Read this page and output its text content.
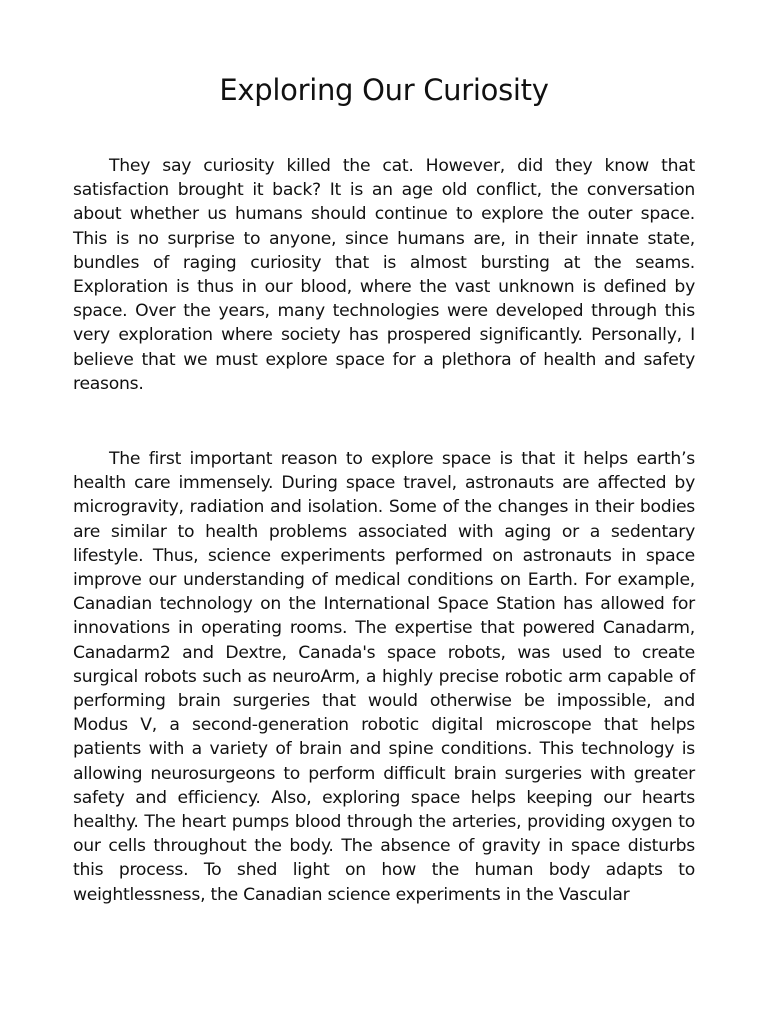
Exploring Our Curiosity

They say curiosity killed the cat. However, did they know that satisfaction brought it back? It is an age old conflict, the conversation about whether us humans should continue to explore the outer space. This is no surprise to anyone, since humans are, in their innate state, bundles of raging curiosity that is almost bursting at the seams. Exploration is thus in our blood, where the vast unknown is defined by space. Over the years, many technologies were developed through this very exploration where society has prospered significantly. Personally, I believe that we must explore space for a plethora of health and safety reasons.

The first important reason to explore space is that it helps earth’s health care immensely. During space travel, astronauts are affected by microgravity, radiation and isolation. Some of the changes in their bodies are similar to health problems associated with aging or a sedentary lifestyle. Thus, science experiments performed on astronauts in space improve our understanding of medical conditions on Earth. For example, Canadian technology on the International Space Station has allowed for innovations in operating rooms. The expertise that powered Canadarm, Canadarm2 and Dextre, Canada's space robots, was used to create surgical robots such as neuroArm, a highly precise robotic arm capable of performing brain surgeries that would otherwise be impossible, and Modus V, a second-generation robotic digital microscope that helps patients with a variety of brain and spine conditions. This technology is allowing neurosurgeons to perform difficult brain surgeries with greater safety and efficiency. Also, exploring space helps keeping our hearts healthy. The heart pumps blood through the arteries, providing oxygen to our cells throughout the body. The absence of gravity in space disturbs this process. To shed light on how the human body adapts to weightlessness, the Canadian science experiments in the Vascular
